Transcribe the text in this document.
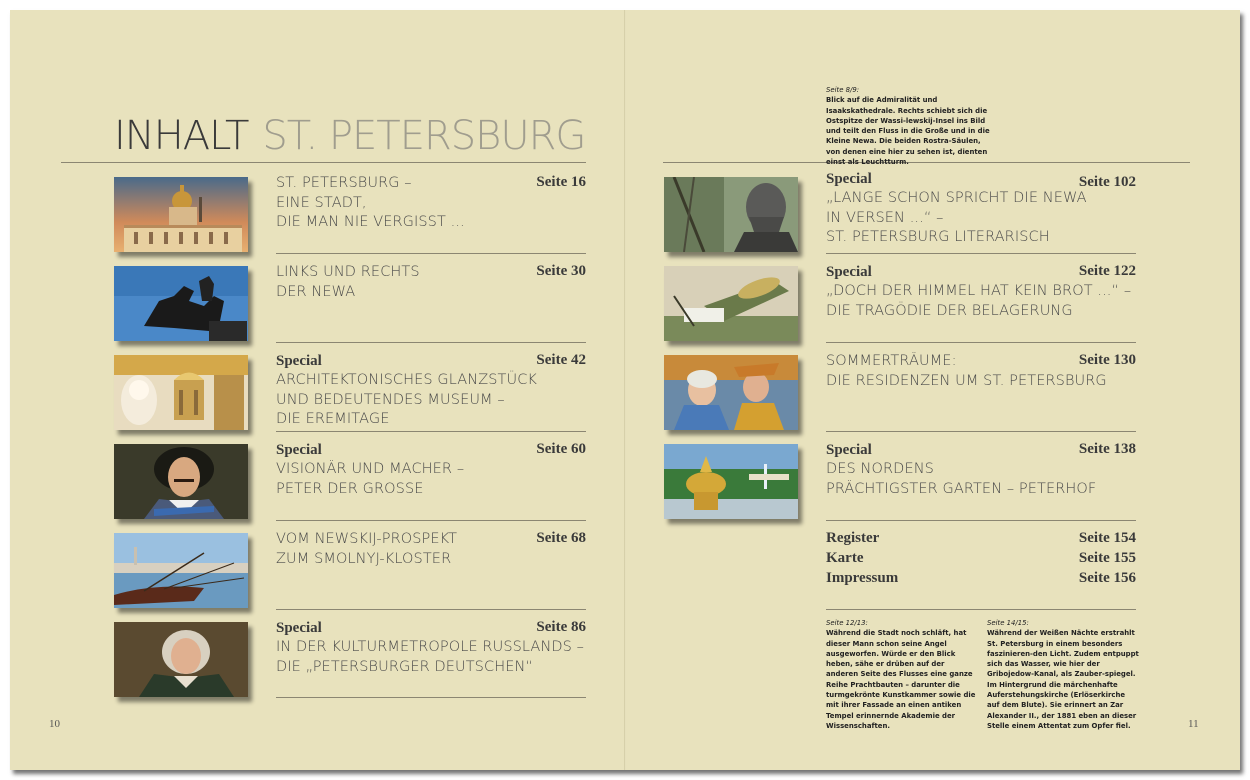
INHALT ST. PETERSBURG
ST. PETERSBURG –
EINE STADT,
DIE MAN NIE VERGISST ...
Seite 16
LINKS UND RECHTS
DER NEWA
Seite 30
Special
ARCHITEKTONISCHES GLANZSTÜCK
UND BEDEUTENDES MUSEUM –
DIE EREMITAGE
Seite 42
Special
VISIONÄR UND MACHER –
PETER DER GROSSE
Seite 60
VOM NEWSKIJ-PROSPEKT
ZUM SMOLNYJ-KLOSTER
Seite 68
Special
IN DER KULTURMETROPOLE RUSSLANDS –
DIE „PETERSBURGER DEUTSCHEN“
Seite 86
Seite 8/9:
Blick auf die Admiralität und Isaakskathedrale. Rechts schiebt sich die Ostspitze der Wassi-lewskij-Insel ins Bild und teilt den Fluss in die Große und in die Kleine Newa. Die beiden Rostra-Säulen, von denen eine hier zu sehen ist, dienten einst als Leuchtturm.
Special
„LANGE SCHON SPRICHT DIE NEWA
IN VERSEN ...“ –
ST. PETERSBURG LITERARISCH
Seite 102
Special
„DOCH DER HIMMEL HAT KEIN BROT ...“ –
DIE TRAGÖDIE DER BELAGERUNG
Seite 122
SOMMERTRÄUME:
DIE RESIDENZEN UM ST. PETERSBURG
Seite 130
Special
DES NORDENS
PRÄCHTIGSTER GARTEN – PETERHOF
Seite 138
Register	Seite 154
Karte	Seite 155
Impressum	Seite 156
Seite 12/13:
Während die Stadt noch schläft, hat dieser Mann schon seine Angel ausgeworfen. Würde er den Blick heben, sähe er drüben auf der anderen Seite des Flusses eine ganze Reihe Prachtbauten – darunter die turmgekrönte Kunstkammer sowie die mit ihrer Fassade an einen antiken Tempel erinnernde Akademie der Wissenschaften.
Seite 14/15:
Während der Weißen Nächte erstrahlt St. Petersburg in einem besonders faszinieren-den Licht. Zudem entpuppt sich das Wasser, wie hier der Gribojedow-Kanal, als Zauber-spiegel. Im Hintergrund die märchenhafte Auferstehungskirche (Erlöserkirche auf dem Blute). Sie erinnert an Zar Alexander II., der 1881 eben an dieser Stelle einem Attentat zum Opfer fiel.
10	11
